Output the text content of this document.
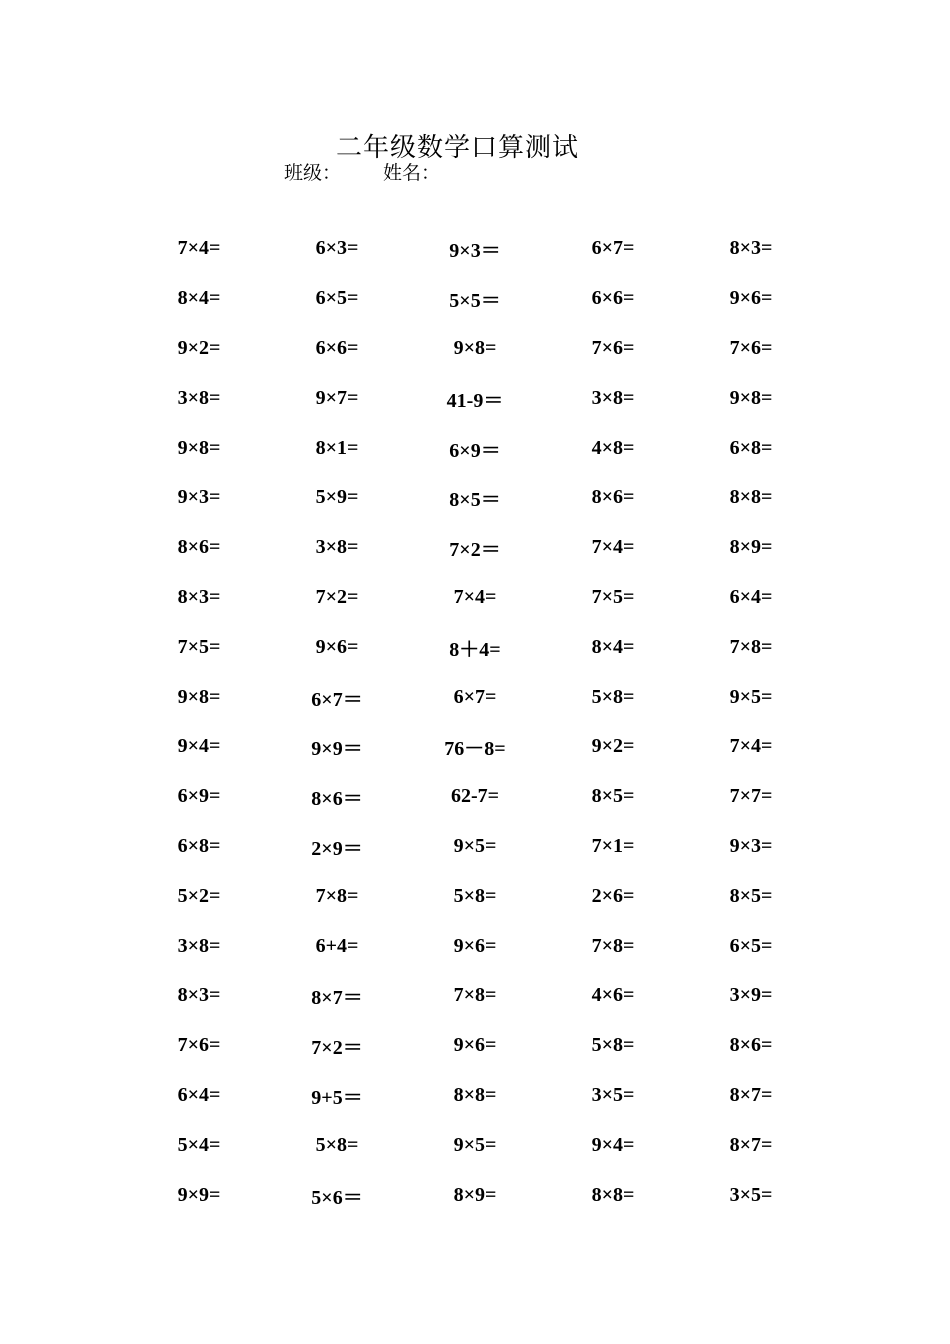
二年级数学口算测试
班级： 姓名：
7×4=	6×3=	9×3＝	6×7=	8×3=
8×4=	6×5=	5×5＝	6×6=	9×6=
9×2=	6×6=	9×8=	7×6=	7×6=
3×8=	9×7=	41-9＝	3×8=	9×8=
9×8=	8×1=	6×9＝	4×8=	6×8=
9×3=	5×9=	8×5＝	8×6=	8×8=
8×6=	3×8=	7×2＝	7×4=	8×9=
8×3=	7×2=	7×4=	7×5=	6×4=
7×5=	9×6=	8＋4=	8×4=	7×8=
9×8=	6×7＝	6×7=	5×8=	9×5=
9×4=	9×9＝	76－8=	9×2=	7×4=
6×9=	8×6＝	62-7=	8×5=	7×7=
6×8=	2×9＝	9×5=	7×1=	9×3=
5×2=	7×8=	5×8=	2×6=	8×5=
3×8=	6+4=	9×6=	7×8=	6×5=
8×3=	8×7＝	7×8=	4×6=	3×9=
7×6=	7×2＝	9×6=	5×8=	8×6=
6×4=	9+5＝	8×8=	3×5=	8×7=
5×4=	5×8=	9×5=	9×4=	8×7=
9×9=	5×6＝	8×9=	8×8=	3×5=
